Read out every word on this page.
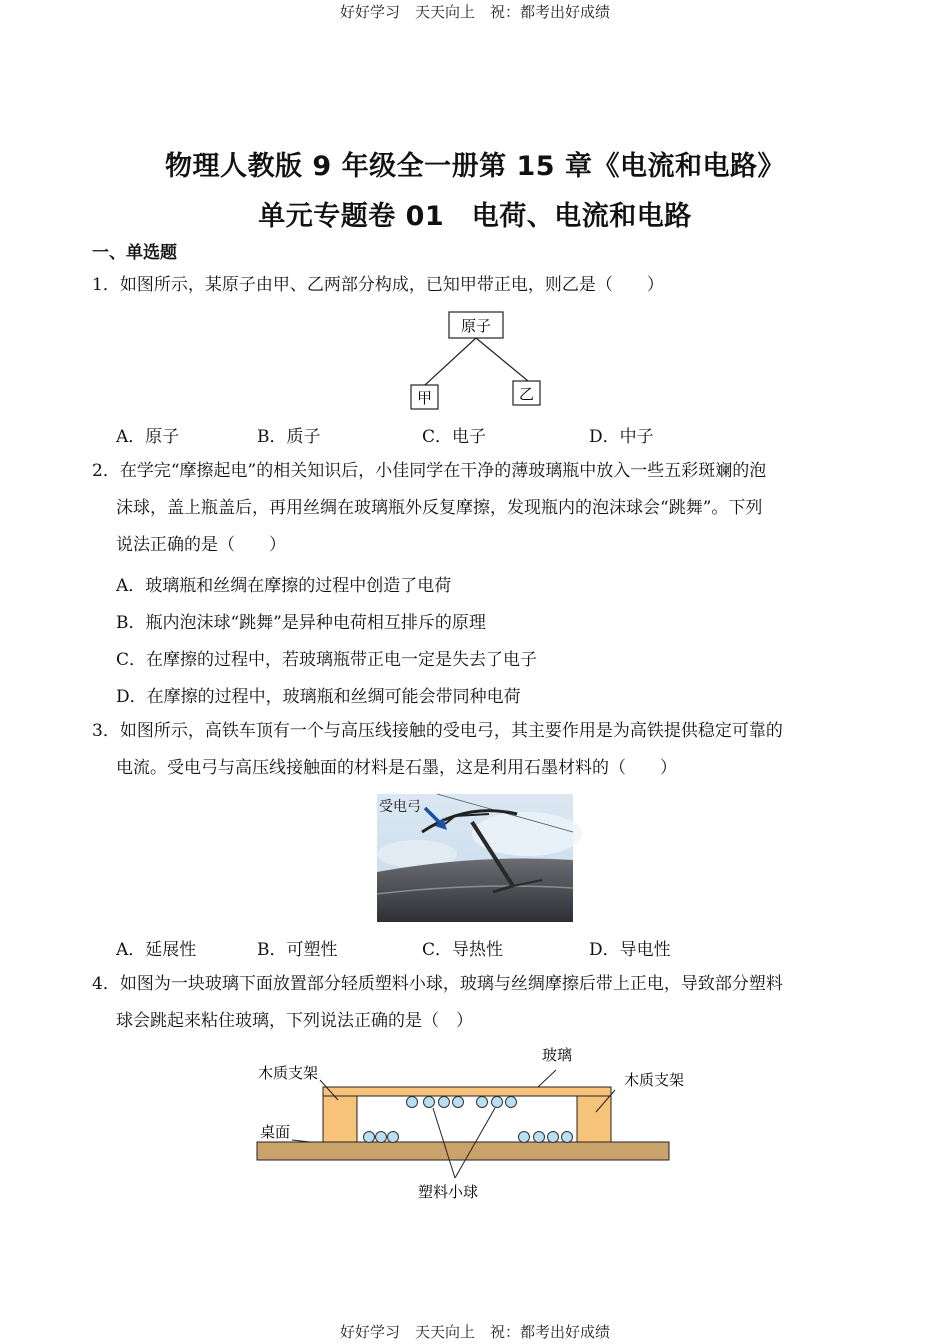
好好学习　天天向上　祝：都考出好成绩
物理人教版 9 年级全一册第 15 章《电流和电路》
单元专题卷 01　电荷、电流和电路
一、单选题
1．如图所示，某原子由甲、乙两部分构成，已知甲带正电，则乙是（　　）
原子
甲	乙
A．原子	B．质子	C．电子	D．中子
2．在学完“摩擦起电”的相关知识后，小佳同学在干净的薄玻璃瓶中放入一些五彩斑斓的泡
沫球，盖上瓶盖后，再用丝绸在玻璃瓶外反复摩擦，发现瓶内的泡沫球会“跳舞”。下列
说法正确的是（　　）
A．玻璃瓶和丝绸在摩擦的过程中创造了电荷
B．瓶内泡沫球“跳舞”是异种电荷相互排斥的原理
C．在摩擦的过程中，若玻璃瓶带正电一定是失去了电子
D．在摩擦的过程中，玻璃瓶和丝绸可能会带同种电荷
3．如图所示，高铁车顶有一个与高压线接触的受电弓，其主要作用是为高铁提供稳定可靠的
电流。受电弓与高压线接触面的材料是石墨，这是利用石墨材料的（　　）
受电弓
A．延展性	B．可塑性	C．导热性	D．导电性
4．如图为一块玻璃下面放置部分轻质塑料小球，玻璃与丝绸摩擦后带上正电，导致部分塑料
球会跳起来粘住玻璃，下列说法正确的是（　）
玻璃
木质支架	木质支架
桌面
塑料小球
好好学习　天天向上　祝：都考出好成绩
